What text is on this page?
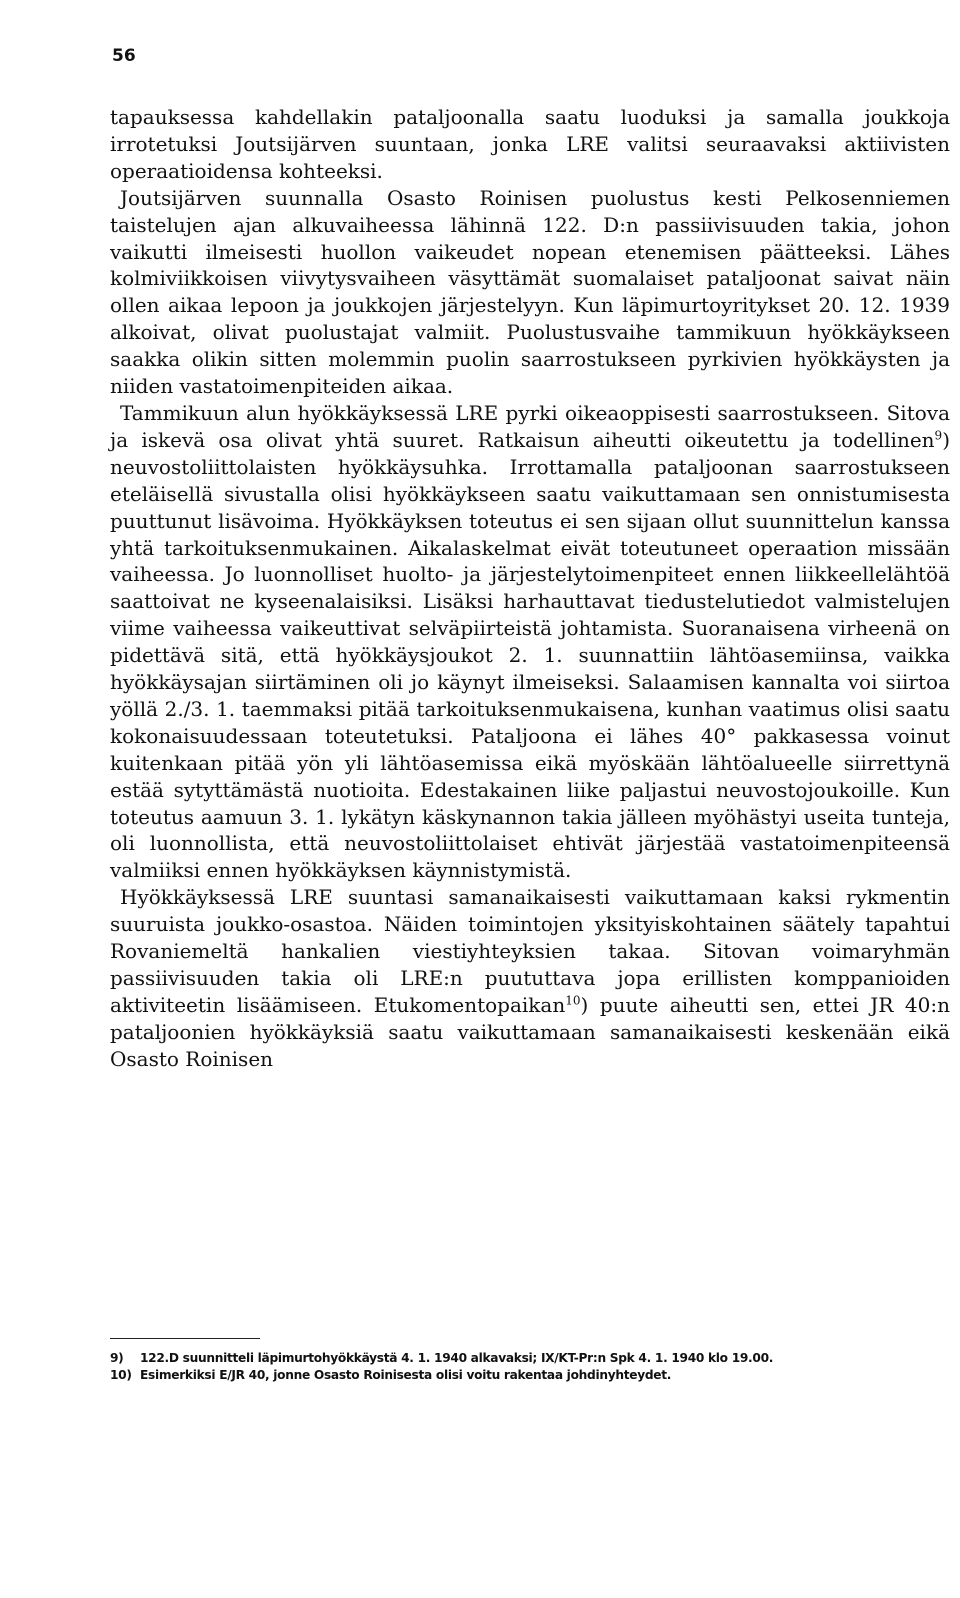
56

tapauksessa kahdellakin pataljoonalla saatu luoduksi ja samalla joukkoja irrotetuksi Joutsijärven suuntaan, jonka LRE valitsi seuraavaksi aktiivisten operaatioidensa kohteeksi.

Joutsijärven suunnalla Osasto Roinisen puolustus kesti Pelkosenniemen taistelujen ajan alkuvaiheessa lähinnä 122. D:n passiivisuuden takia, johon vaikutti ilmeisesti huollon vaikeudet nopean etenemisen päätteeksi. Lähes kolmiviikkoisen viivytysvaiheen väsyttämät suomalaiset pataljoonat saivat näin ollen aikaa lepoon ja joukkojen järjestelyyn. Kun läpimurtoyritykset 20. 12. 1939 alkoivat, olivat puolustajat valmiit. Puolustusvaihe tammikuun hyökkäykseen saakka olikin sitten molemmin puolin saarrostukseen pyrkivien hyökkäysten ja niiden vastatoimenpiteiden aikaa.

Tammikuun alun hyökkäyksessä LRE pyrki oikeaoppisesti saarrostukseen. Sitova ja iskevä osa olivat yhtä suuret. Ratkaisun aiheutti oikeutettu ja todellinen$^9$) neuvostoliittolaisten hyökkäysuhka. Irrottamalla pataljoonan saarrostukseen eteläisellä sivustalla olisi hyökkäykseen saatu vaikuttamaan sen onnistumisesta puuttunut lisävoima. Hyökkäyksen toteutus ei sen sijaan ollut suunnittelun kanssa yhtä tarkoituksenmukainen. Aikalaskelmat eivät toteutuneet operaation missään vaiheessa. Jo luonnolliset huolto- ja järjestelytoimenpiteet ennen liikkeellelähtöä saattoivat ne kyseenalaisiksi. Lisäksi harhauttavat tiedustelutiedot valmistelujen viime vaiheessa vaikeuttivat selväpiirteistä johtamista. Suoranaisena virheenä on pidettävä sitä, että hyökkäysjoukot 2. 1. suunnattiin lähtöasemiinsa, vaikka hyökkäysajan siirtäminen oli jo käynyt ilmeiseksi. Salaamisen kannalta voi siirtoa yöllä 2./3. 1. taemmaksi pitää tarkoituksenmukaisena, kunhan vaatimus olisi saatu kokonaisuudessaan toteutetuksi. Pataljoona ei lähes 40° pakkasessa voinut kuitenkaan pitää yön yli lähtöasemissa eikä myöskään lähtöalueelle siirrettynä estää sytyttämästä nuotioita. Edestakainen liike paljastui neuvostojoukoille. Kun toteutus aamuun 3. 1. lykätyn käskynannon takia jälleen myöhästyi useita tunteja, oli luonnollista, että neuvostoliittolaiset ehtivät järjestää vastatoimenpiteensä valmiiksi ennen hyökkäyksen käynnistymistä.

Hyökkäyksessä LRE suuntasi samanaikaisesti vaikuttamaan kaksi rykmentin suuruista joukko-osastoa. Näiden toimintojen yksityiskohtainen säätely tapahtui Rovaniemeltä hankalien viestiyhteyksien takaa. Sitovan voimaryhmän passiivisuuden takia oli LRE:n puututtava jopa erillisten komppanioiden aktiviteetin lisäämiseen. Etukomentopaikan$^{10}$) puute aiheutti sen, ettei JR 40:n pataljoonien hyökkäyksiä saatu vaikuttamaan samanaikaisesti keskenään eikä Osasto Roinisen

9)	122.D suunnitteli läpimurtohyökkäystä 4. 1. 1940 alkavaksi; IX/KT-Pr:n Spk 4. 1. 1940 klo 19.00.
10) Esimerkiksi E/JR 40, jonne Osasto Roinisesta olisi voitu rakentaa johdinyhteydet.
